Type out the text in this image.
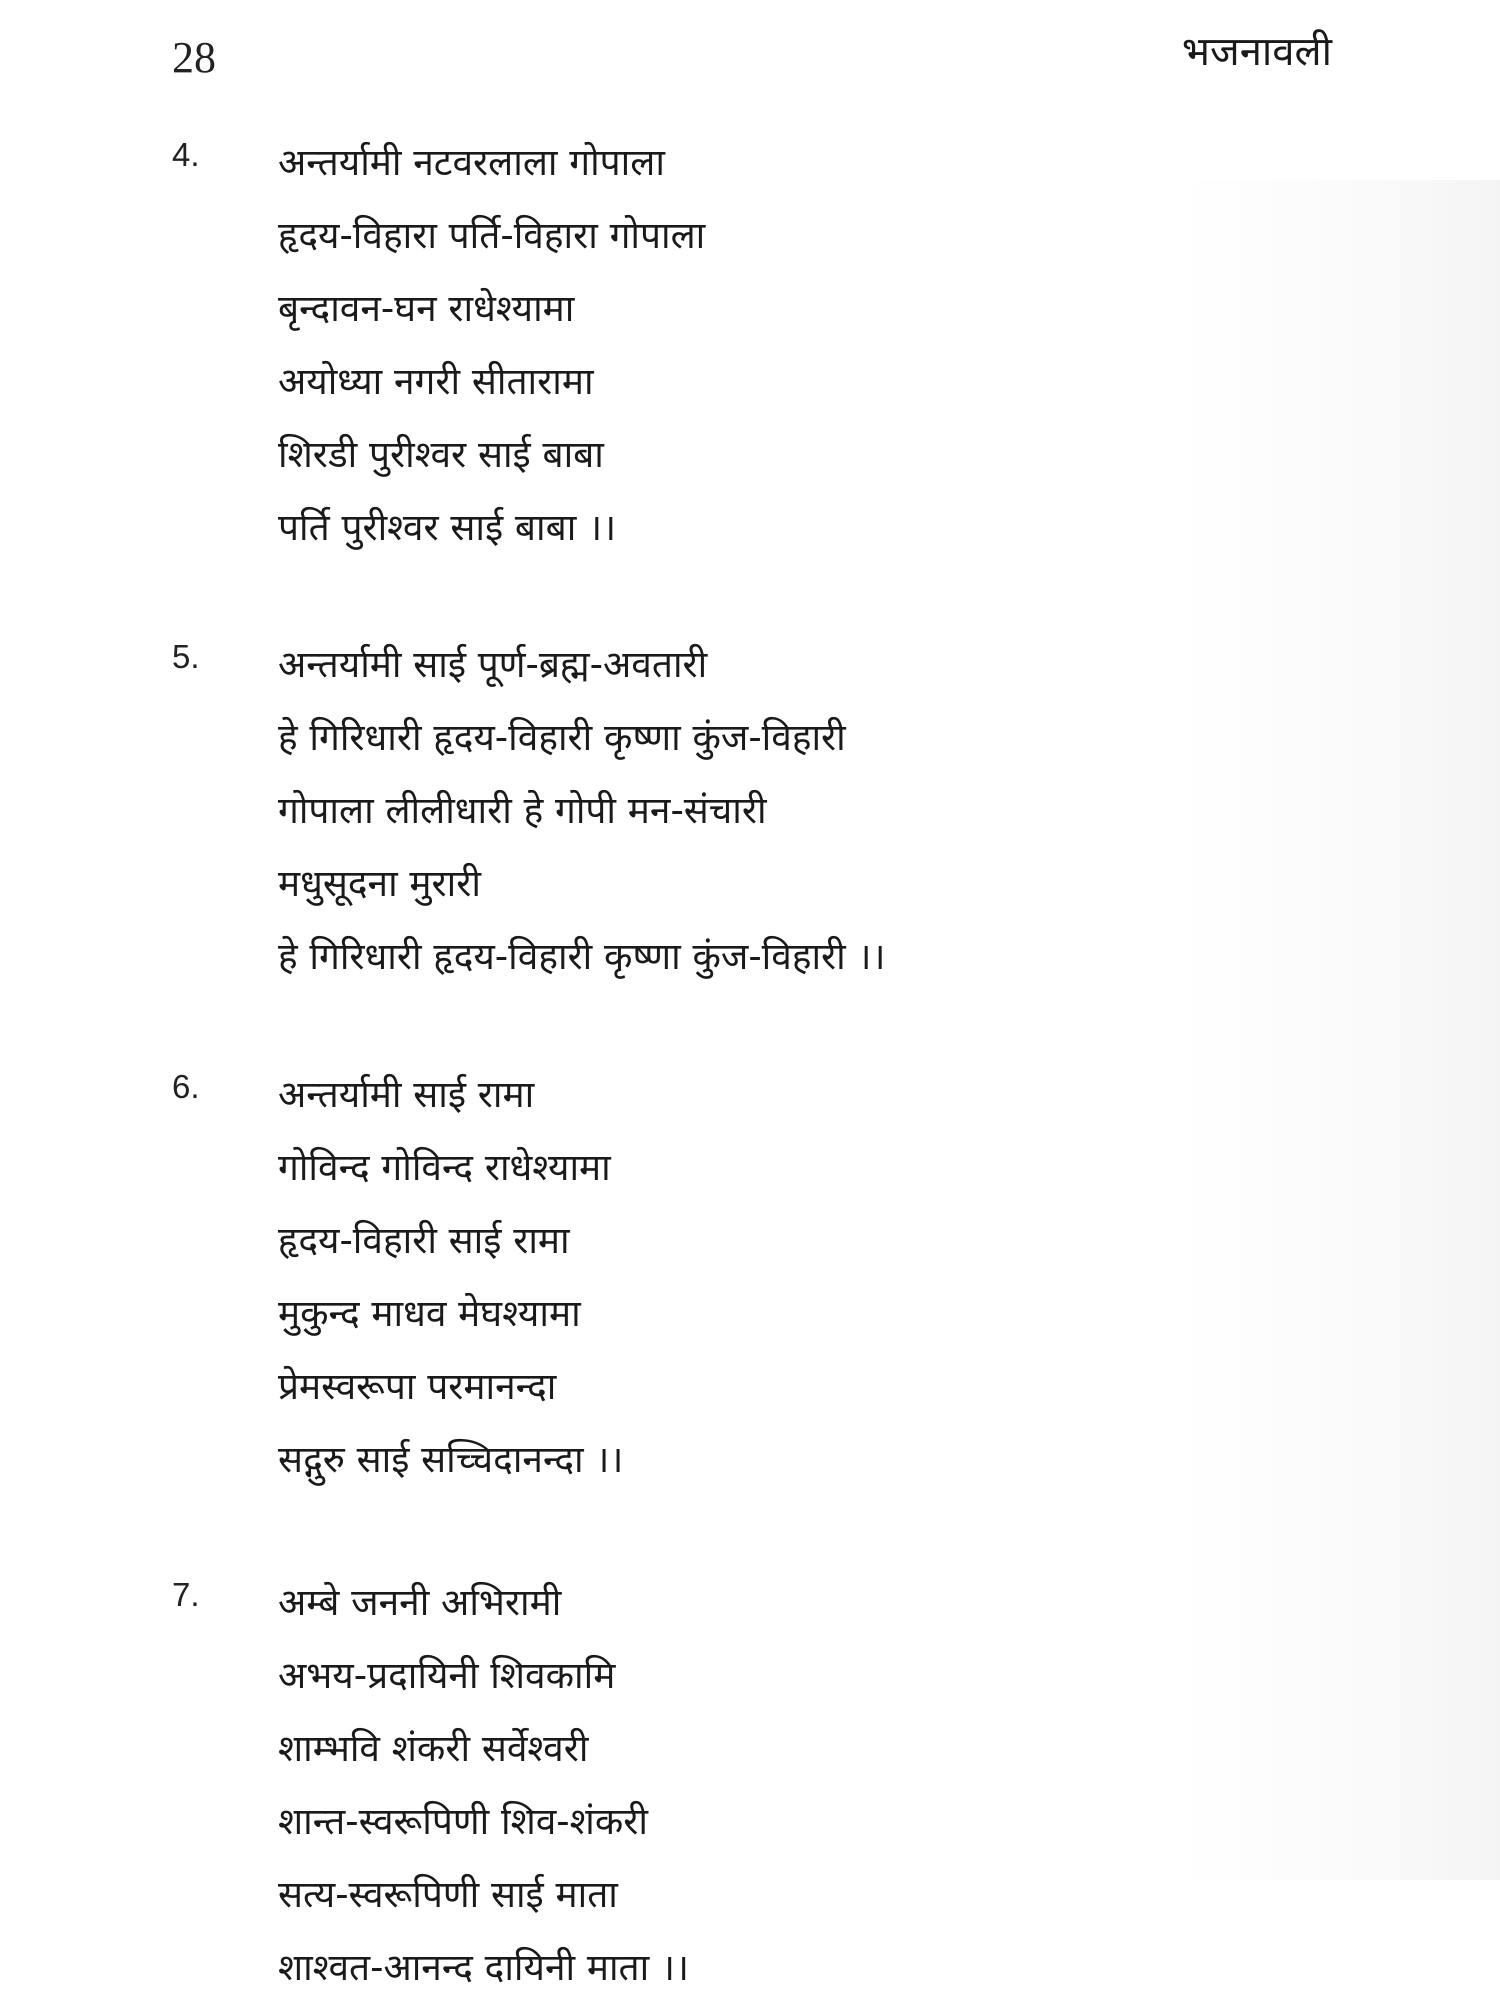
28	भजनावली
4. अन्तर्यामी नटवरलाला गोपाला
हृदय-विहारा पर्ति-विहारा गोपाला
बृन्दावन-घन राधेश्यामा
अयोध्या नगरी सीतारामा
शिरडी पुरीश्वर साई बाबा
पर्ति पुरीश्वर साई बाबा ।।
5. अन्तर्यामी साई पूर्ण-ब्रह्म-अवतारी
हे गिरिधारी हृदय-विहारी कृष्णा कुंज-विहारी
गोपाला लीलीधारी हे गोपी मन-संचारी
मधुसूदना मुरारी
हे गिरिधारी हृदय-विहारी कृष्णा कुंज-विहारी ।।
6. अन्तर्यामी साई रामा
गोविन्द गोविन्द राधेश्यामा
हृदय-विहारी साई रामा
मुकुन्द माधव मेघश्यामा
प्रेमस्वरूपा परमानन्दा
सद्गुरु साई सच्चिदानन्दा ।।
7. अम्बे जननी अभिरामी
अभय-प्रदायिनी शिवकामि
शाम्भवि शंकरी सर्वेश्वरी
शान्त-स्वरूपिणी शिव-शंकरी
सत्य-स्वरूपिणी साई माता
शाश्वत-आनन्द दायिनी माता ।।
